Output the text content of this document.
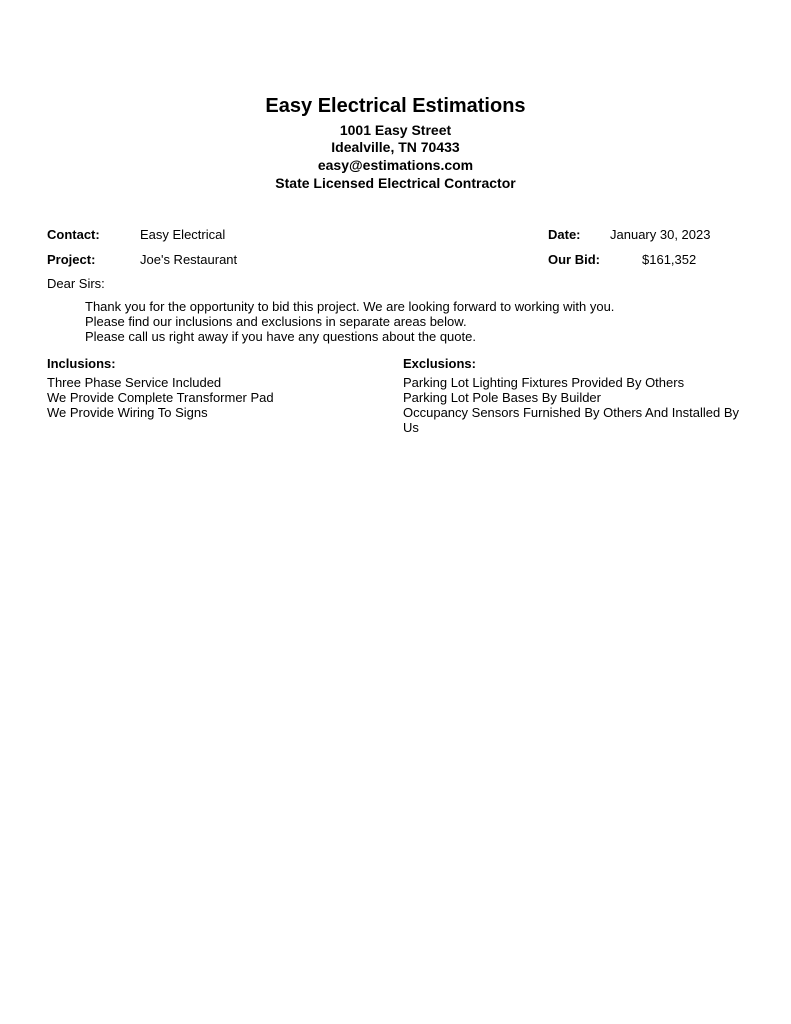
Easy Electrical Estimations
1001 Easy Street
Idealville, TN 70433
easy@estimations.com
State Licensed Electrical Contractor
Contact:	Easy Electrical	Date: January 30, 2023
Project:	Joe's Restaurant	Our Bid:	$161,352
Dear Sirs:
Thank you for the opportunity to bid this project. We are looking forward to working with you.
Please find our inclusions and exclusions in separate areas below.
Please call us right away if you have any questions about the quote.
Inclusions:
Three Phase Service Included
We Provide Complete Transformer Pad
We Provide Wiring To Signs
Exclusions:
Parking Lot Lighting Fixtures Provided By Others
Parking Lot Pole Bases By Builder
Occupancy Sensors Furnished By Others And Installed By Us
